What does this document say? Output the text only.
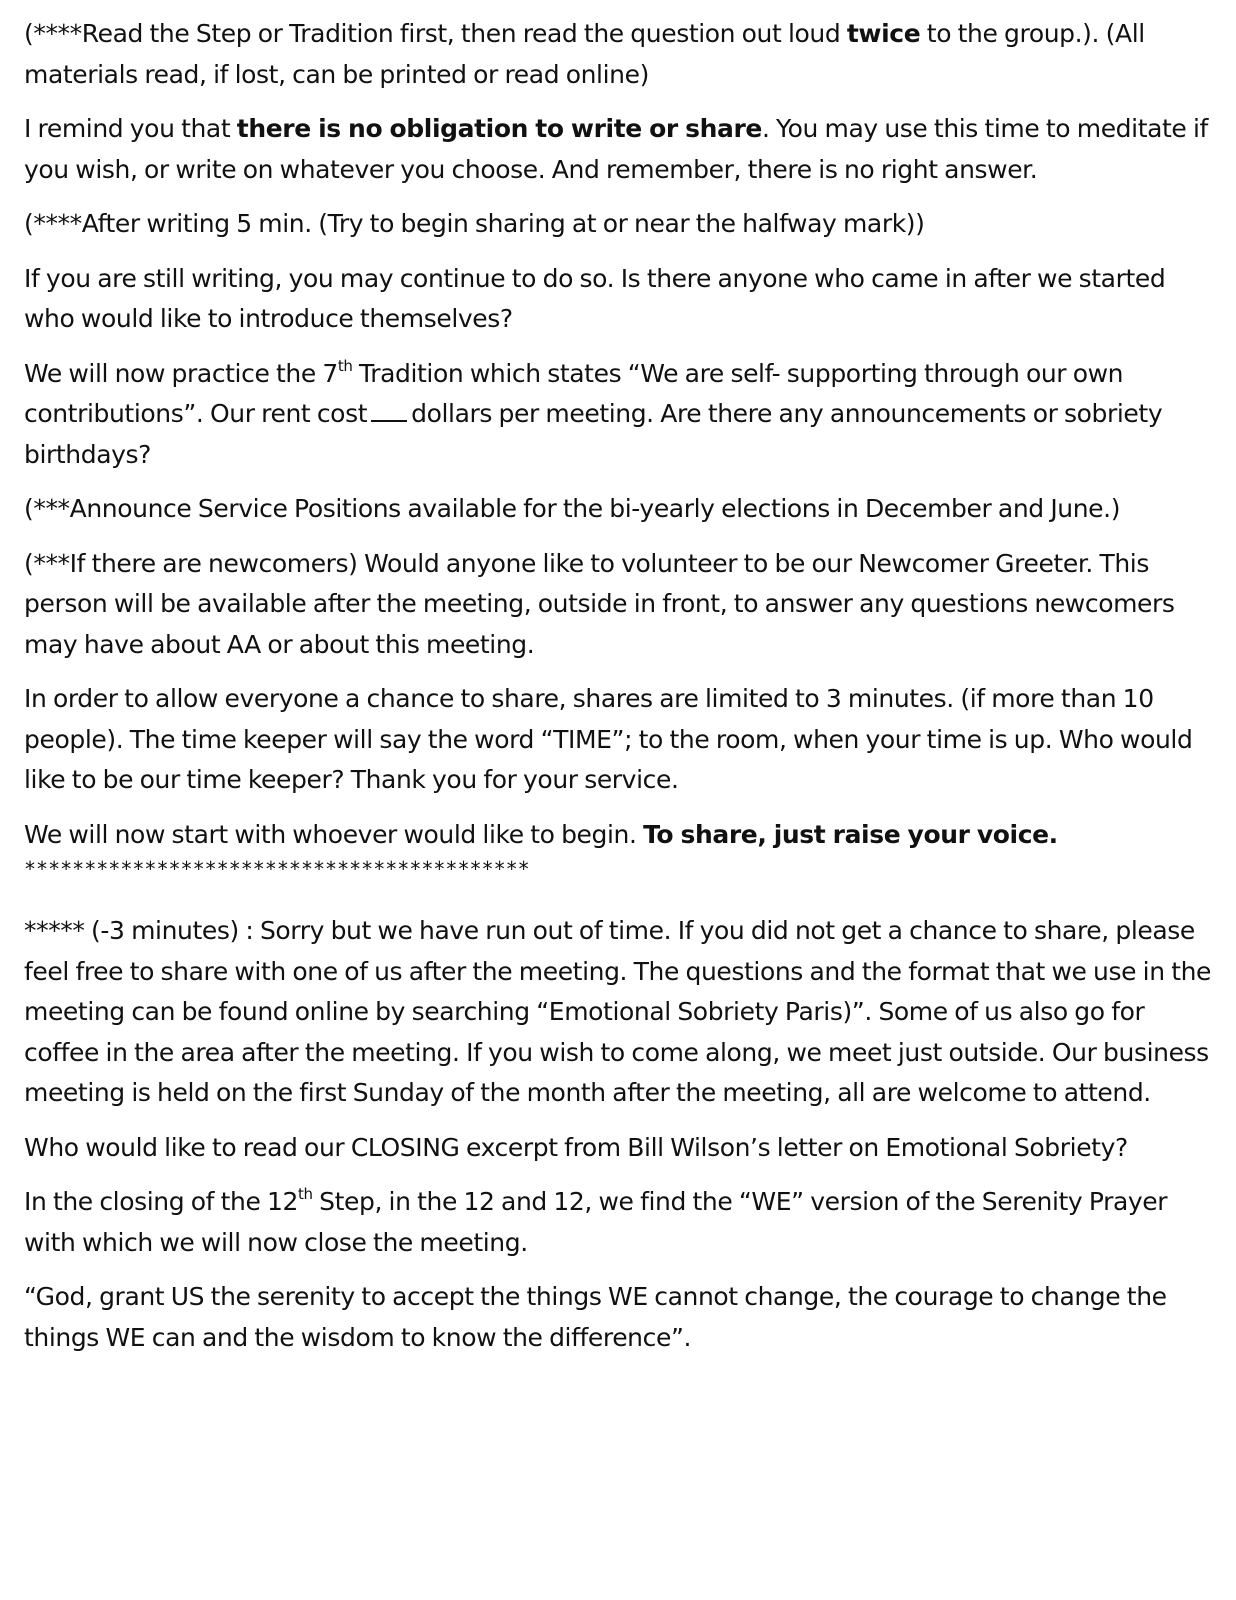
(****Read the Step or Tradition first, then read the question out loud twice to the group.). (All materials read, if lost, can be printed or read online)

I remind you that there is no obligation to write or share. You may use this time to meditate if you wish, or write on whatever you choose. And remember, there is no right answer.

(****After writing 5 min. (Try to begin sharing at or near the halfway mark))

If you are still writing, you may continue to do so. Is there anyone who came in after we started who would like to introduce themselves?

We will now practice the 7th Tradition which states “We are self- supporting through our own contributions”. Our rent cost dollars per meeting. Are there any announcements or sobriety birthdays?

(***Announce Service Positions available for the bi-yearly elections in December and June.)

(***If there are newcomers) Would anyone like to volunteer to be our Newcomer Greeter. This person will be available after the meeting, outside in front, to answer any questions newcomers may have about AA or about this meeting.

In order to allow everyone a chance to share, shares are limited to 3 minutes. (if more than 10 people). The time keeper will say the word “TIME”; to the room, when your time is up. Who would like to be our time keeper? Thank you for your service.

We will now start with whoever would like to begin. To share, just raise your voice.

******************************************

***** (-3 minutes) : Sorry but we have run out of time. If you did not get a chance to share, please feel free to share with one of us after the meeting. The questions and the format that we use in the meeting can be found online by searching “Emotional Sobriety Paris)”. Some of us also go for coffee in the area after the meeting. If you wish to come along, we meet just outside. Our business meeting is held on the first Sunday of the month after the meeting, all are welcome to attend.

Who would like to read our CLOSING excerpt from Bill Wilson’s letter on Emotional Sobriety?

In the closing of the 12th Step, in the 12 and 12, we find the “WE” version of the Serenity Prayer with which we will now close the meeting.

“God, grant US the serenity to accept the things WE cannot change, the courage to change the things WE can and the wisdom to know the difference”.
